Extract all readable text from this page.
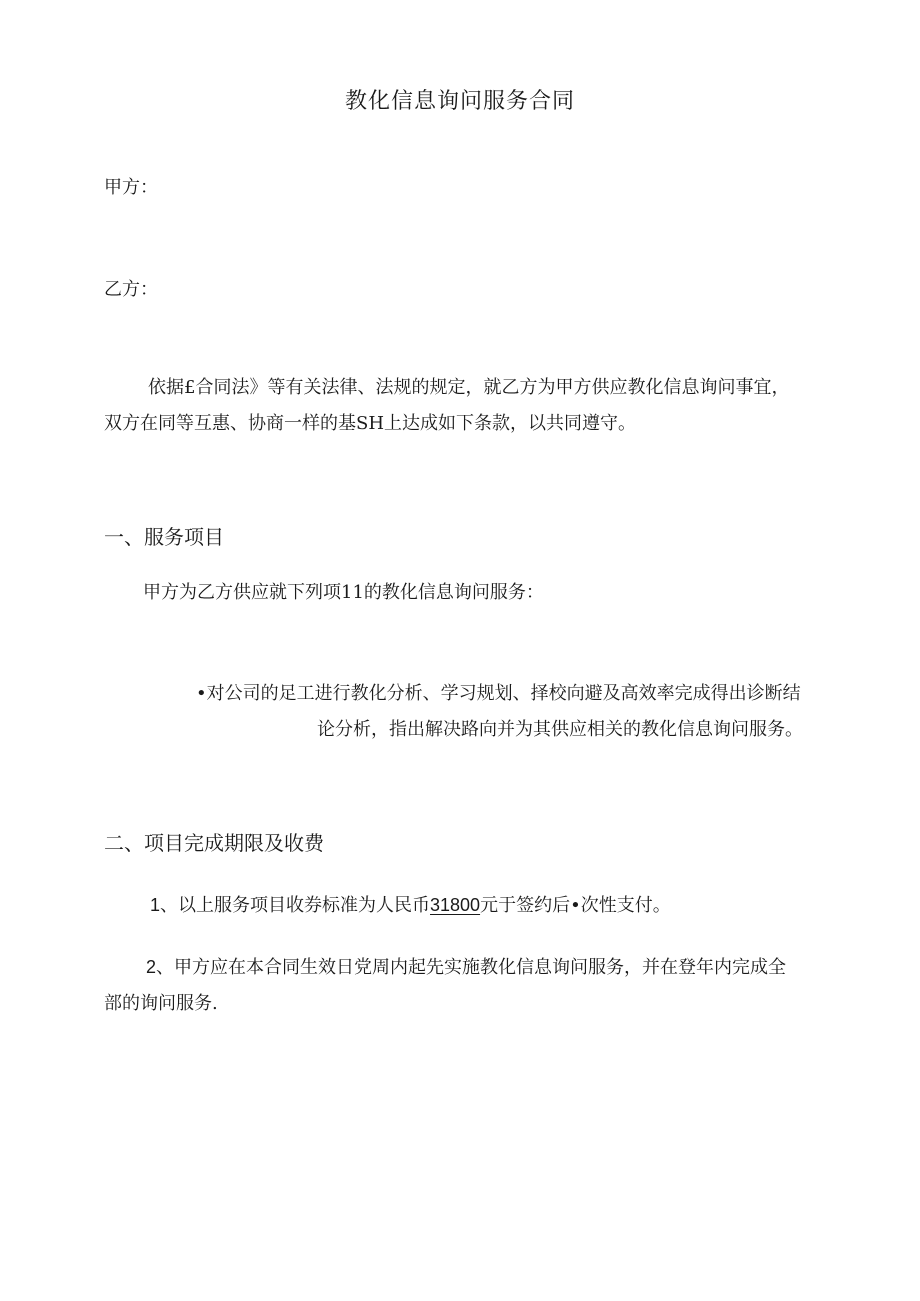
教化信息询问服务合同
甲方：
乙方：
依据£合同法》等有关法律、法规的规定，就乙方为甲方供应教化信息询问事宜，
双方在同等互惠、协商一样的基SH上达成如下条款，以共同遵守。
一、服务项目
甲方为乙方供应就下列项11的教化信息询问服务：
•对公司的足工进行教化分析、学习规划、择校向避及高效率完成得出诊断结
论分析，指出解决路向并为其供应相关的教化信息询问服务。
二、项目完成期限及收费
1、以上服务项目收券标准为人民币31800元于签约后•次性支付。
2、甲方应在本合同生效日党周内起先实施教化信息询问服务，并在登年内完成全
部的询问服务.
